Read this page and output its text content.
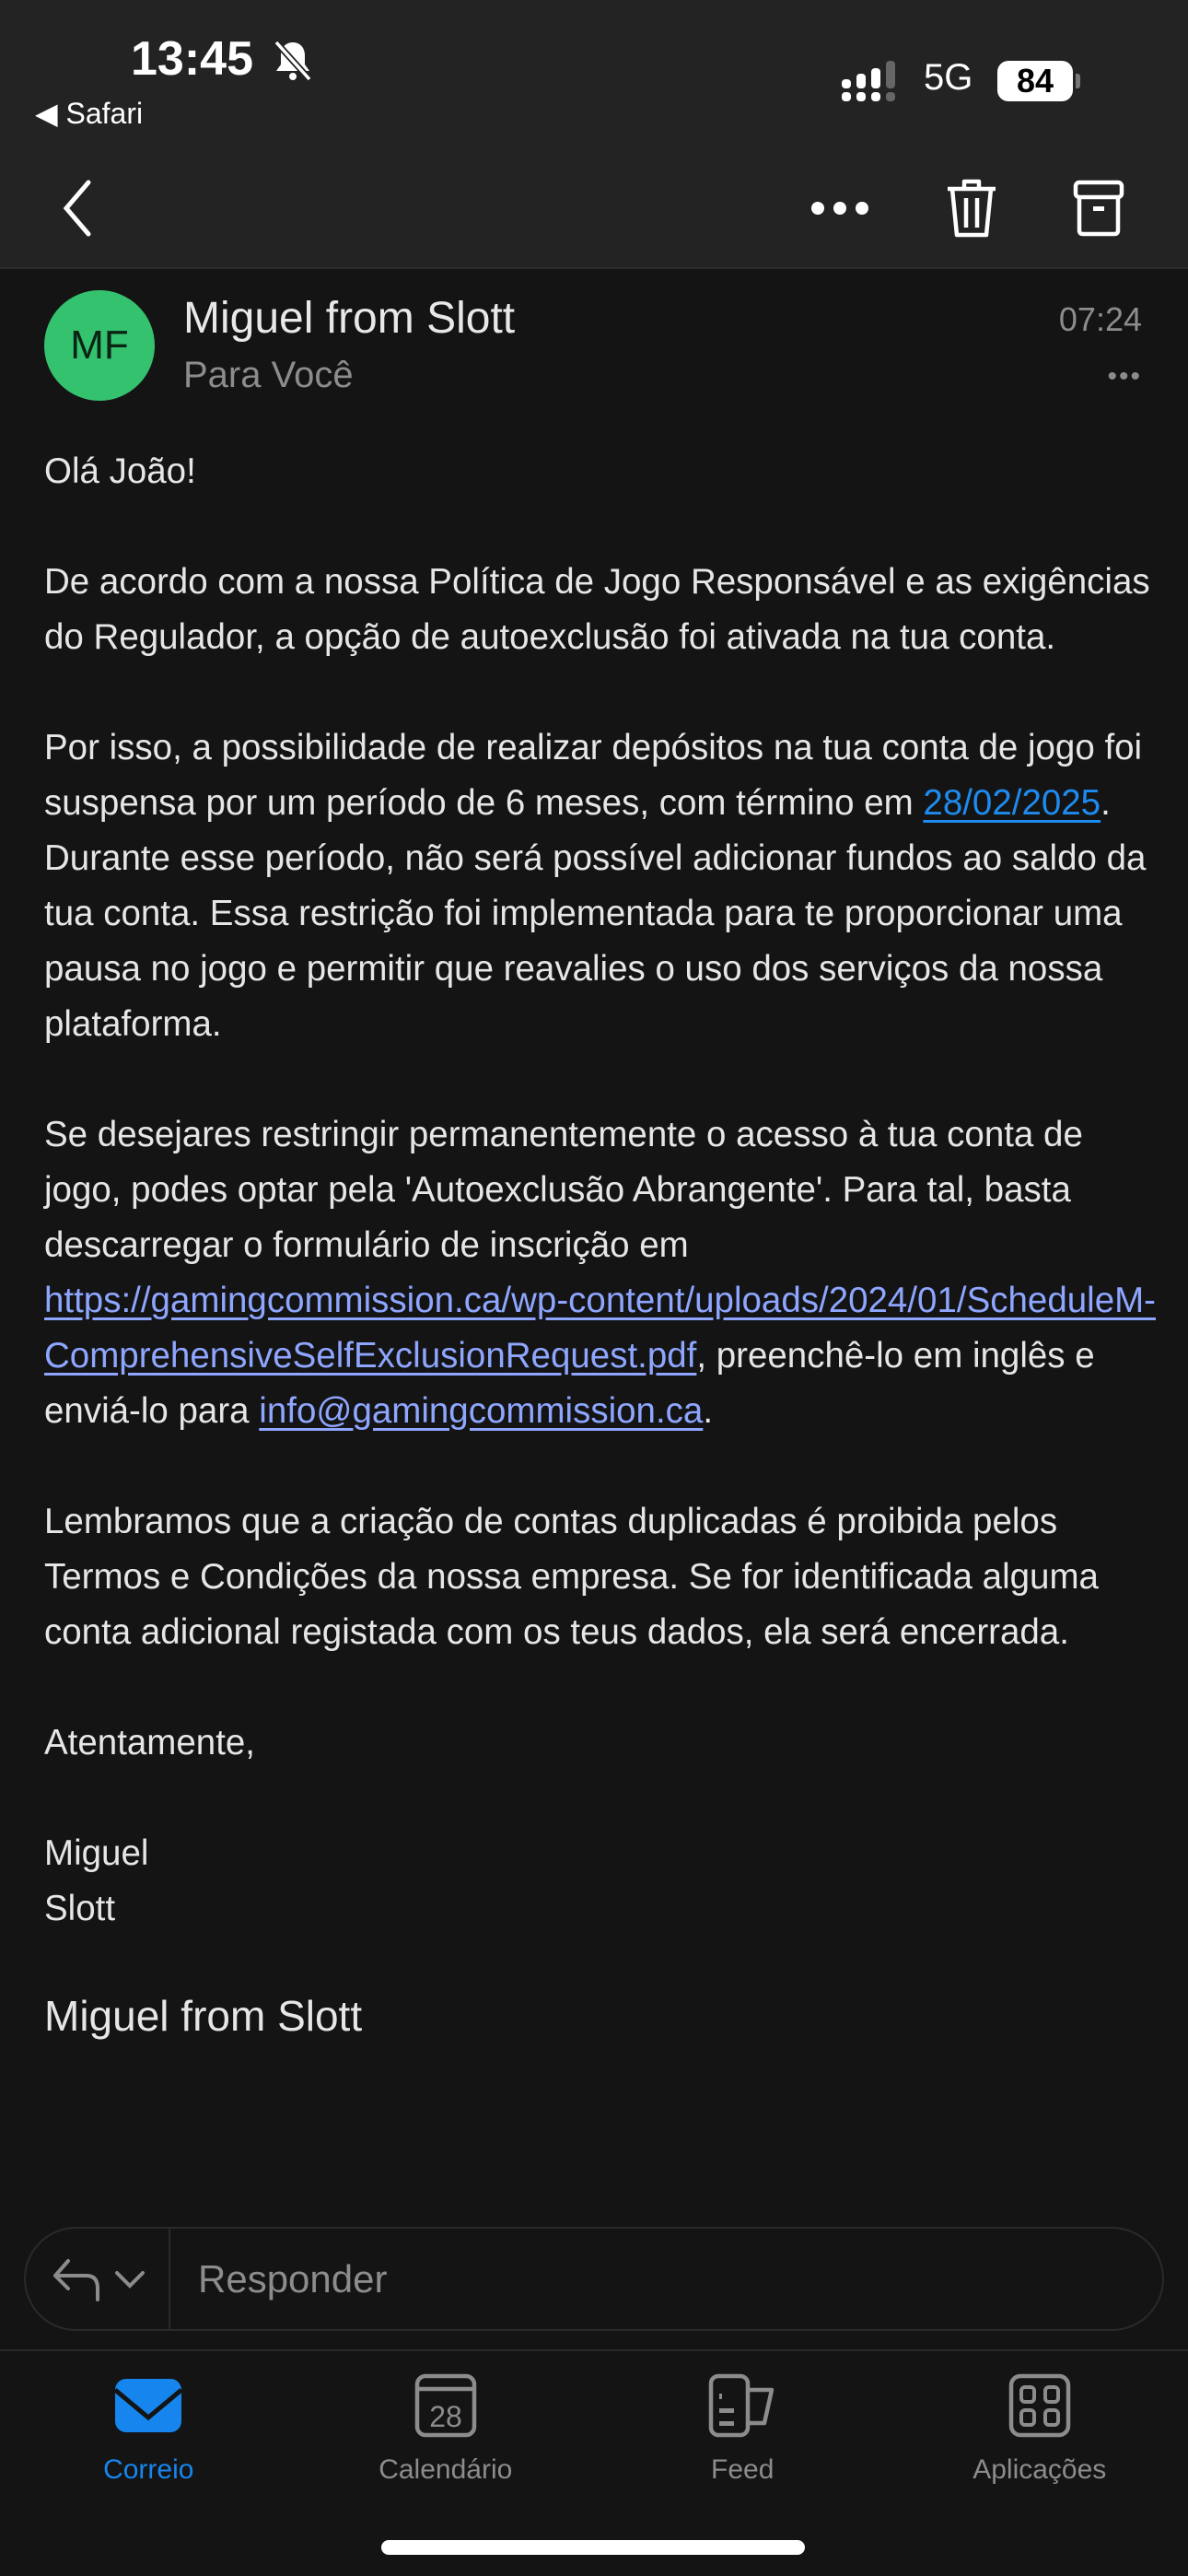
13:45
◀ Safari
5G	84
MF
Miguel from Slott
Para Você
07:24
•••

Olá João!

De acordo com a nossa Política de Jogo Responsável e as exigências do Regulador, a opção de autoexclusão foi ativada na tua conta.

Por isso, a possibilidade de realizar depósitos na tua conta de jogo foi suspensa por um período de 6 meses, com término em 28/02/2025. Durante esse período, não será possível adicionar fundos ao saldo da tua conta. Essa restrição foi implementada para te proporcionar uma pausa no jogo e permitir que reavalies o uso dos serviços da nossa plataforma.

Se desejares restringir permanentemente o acesso à tua conta de jogo, podes optar pela 'Autoexclusão Abrangente'. Para tal, basta descarregar o formulário de inscrição em https://gamingcommission.ca/wp-content/uploads/2024/01/ScheduleM-ComprehensiveSelfExclusionRequest.pdf, preenchê-lo em inglês e enviá-lo para info@gamingcommission.ca.

Lembramos que a criação de contas duplicadas é proibida pelos Termos e Condições da nossa empresa. Se for identificada alguma conta adicional registada com os teus dados, ela será encerrada.

Atentamente,

Miguel
Slott

Miguel from Slott
Responder
Correio
28
Calendário	Feed	Aplicações
